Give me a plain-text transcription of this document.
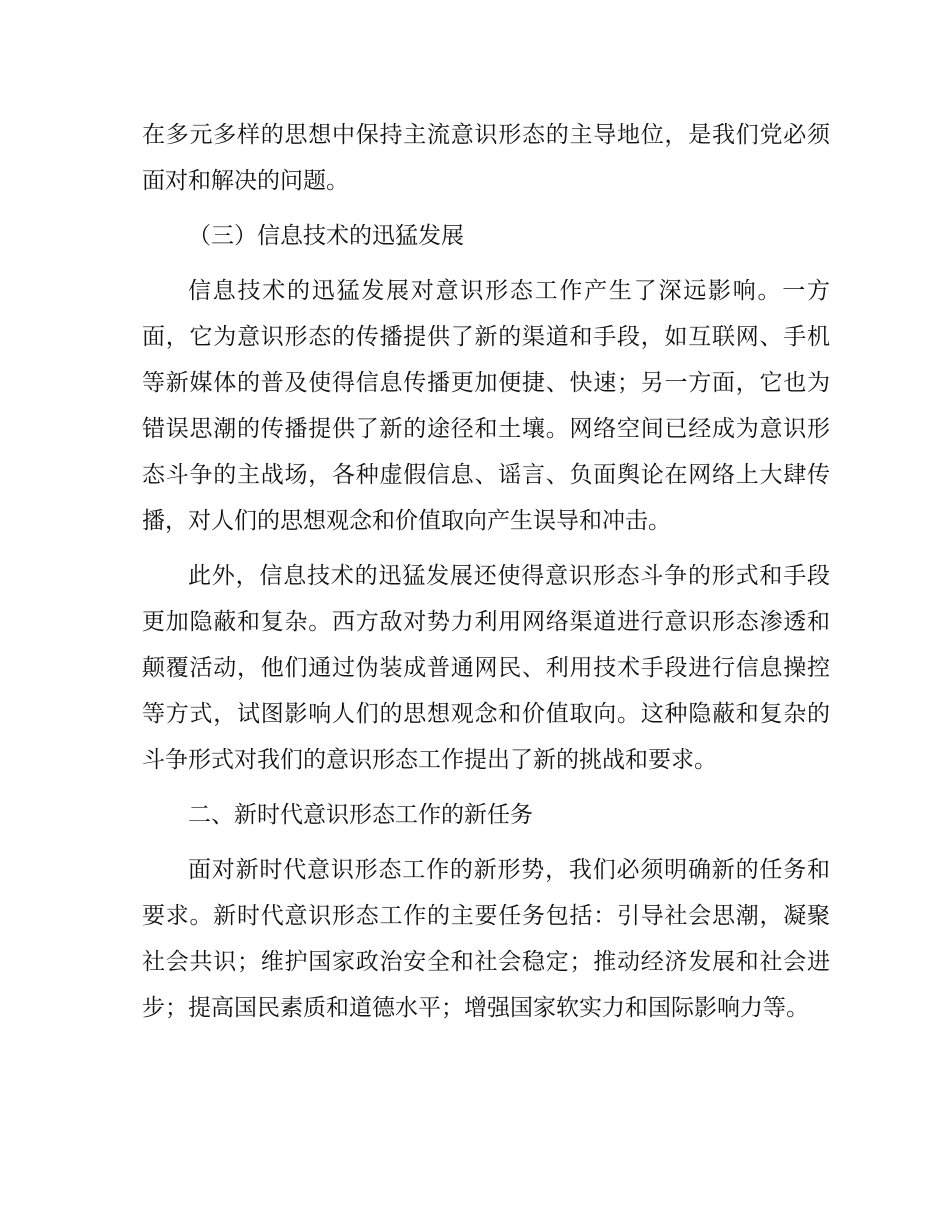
在多元多样的思想中保持主流意识形态的主导地位，是我们党必须面对和解决的问题。

（三）信息技术的迅猛发展

信息技术的迅猛发展对意识形态工作产生了深远影响。一方面，它为意识形态的传播提供了新的渠道和手段，如互联网、手机等新媒体的普及使得信息传播更加便捷、快速；另一方面，它也为错误思潮的传播提供了新的途径和土壤。网络空间已经成为意识形态斗争的主战场，各种虚假信息、谣言、负面舆论在网络上大肆传播，对人们的思想观念和价值取向产生误导和冲击。

此外，信息技术的迅猛发展还使得意识形态斗争的形式和手段更加隐蔽和复杂。西方敌对势力利用网络渠道进行意识形态渗透和颠覆活动，他们通过伪装成普通网民、利用技术手段进行信息操控等方式，试图影响人们的思想观念和价值取向。这种隐蔽和复杂的斗争形式对我们的意识形态工作提出了新的挑战和要求。

二、新时代意识形态工作的新任务

面对新时代意识形态工作的新形势，我们必须明确新的任务和要求。新时代意识形态工作的主要任务包括：引导社会思潮，凝聚社会共识；维护国家政治安全和社会稳定；推动经济发展和社会进步；提高国民素质和道德水平；增强国家软实力和国际影响力等。
